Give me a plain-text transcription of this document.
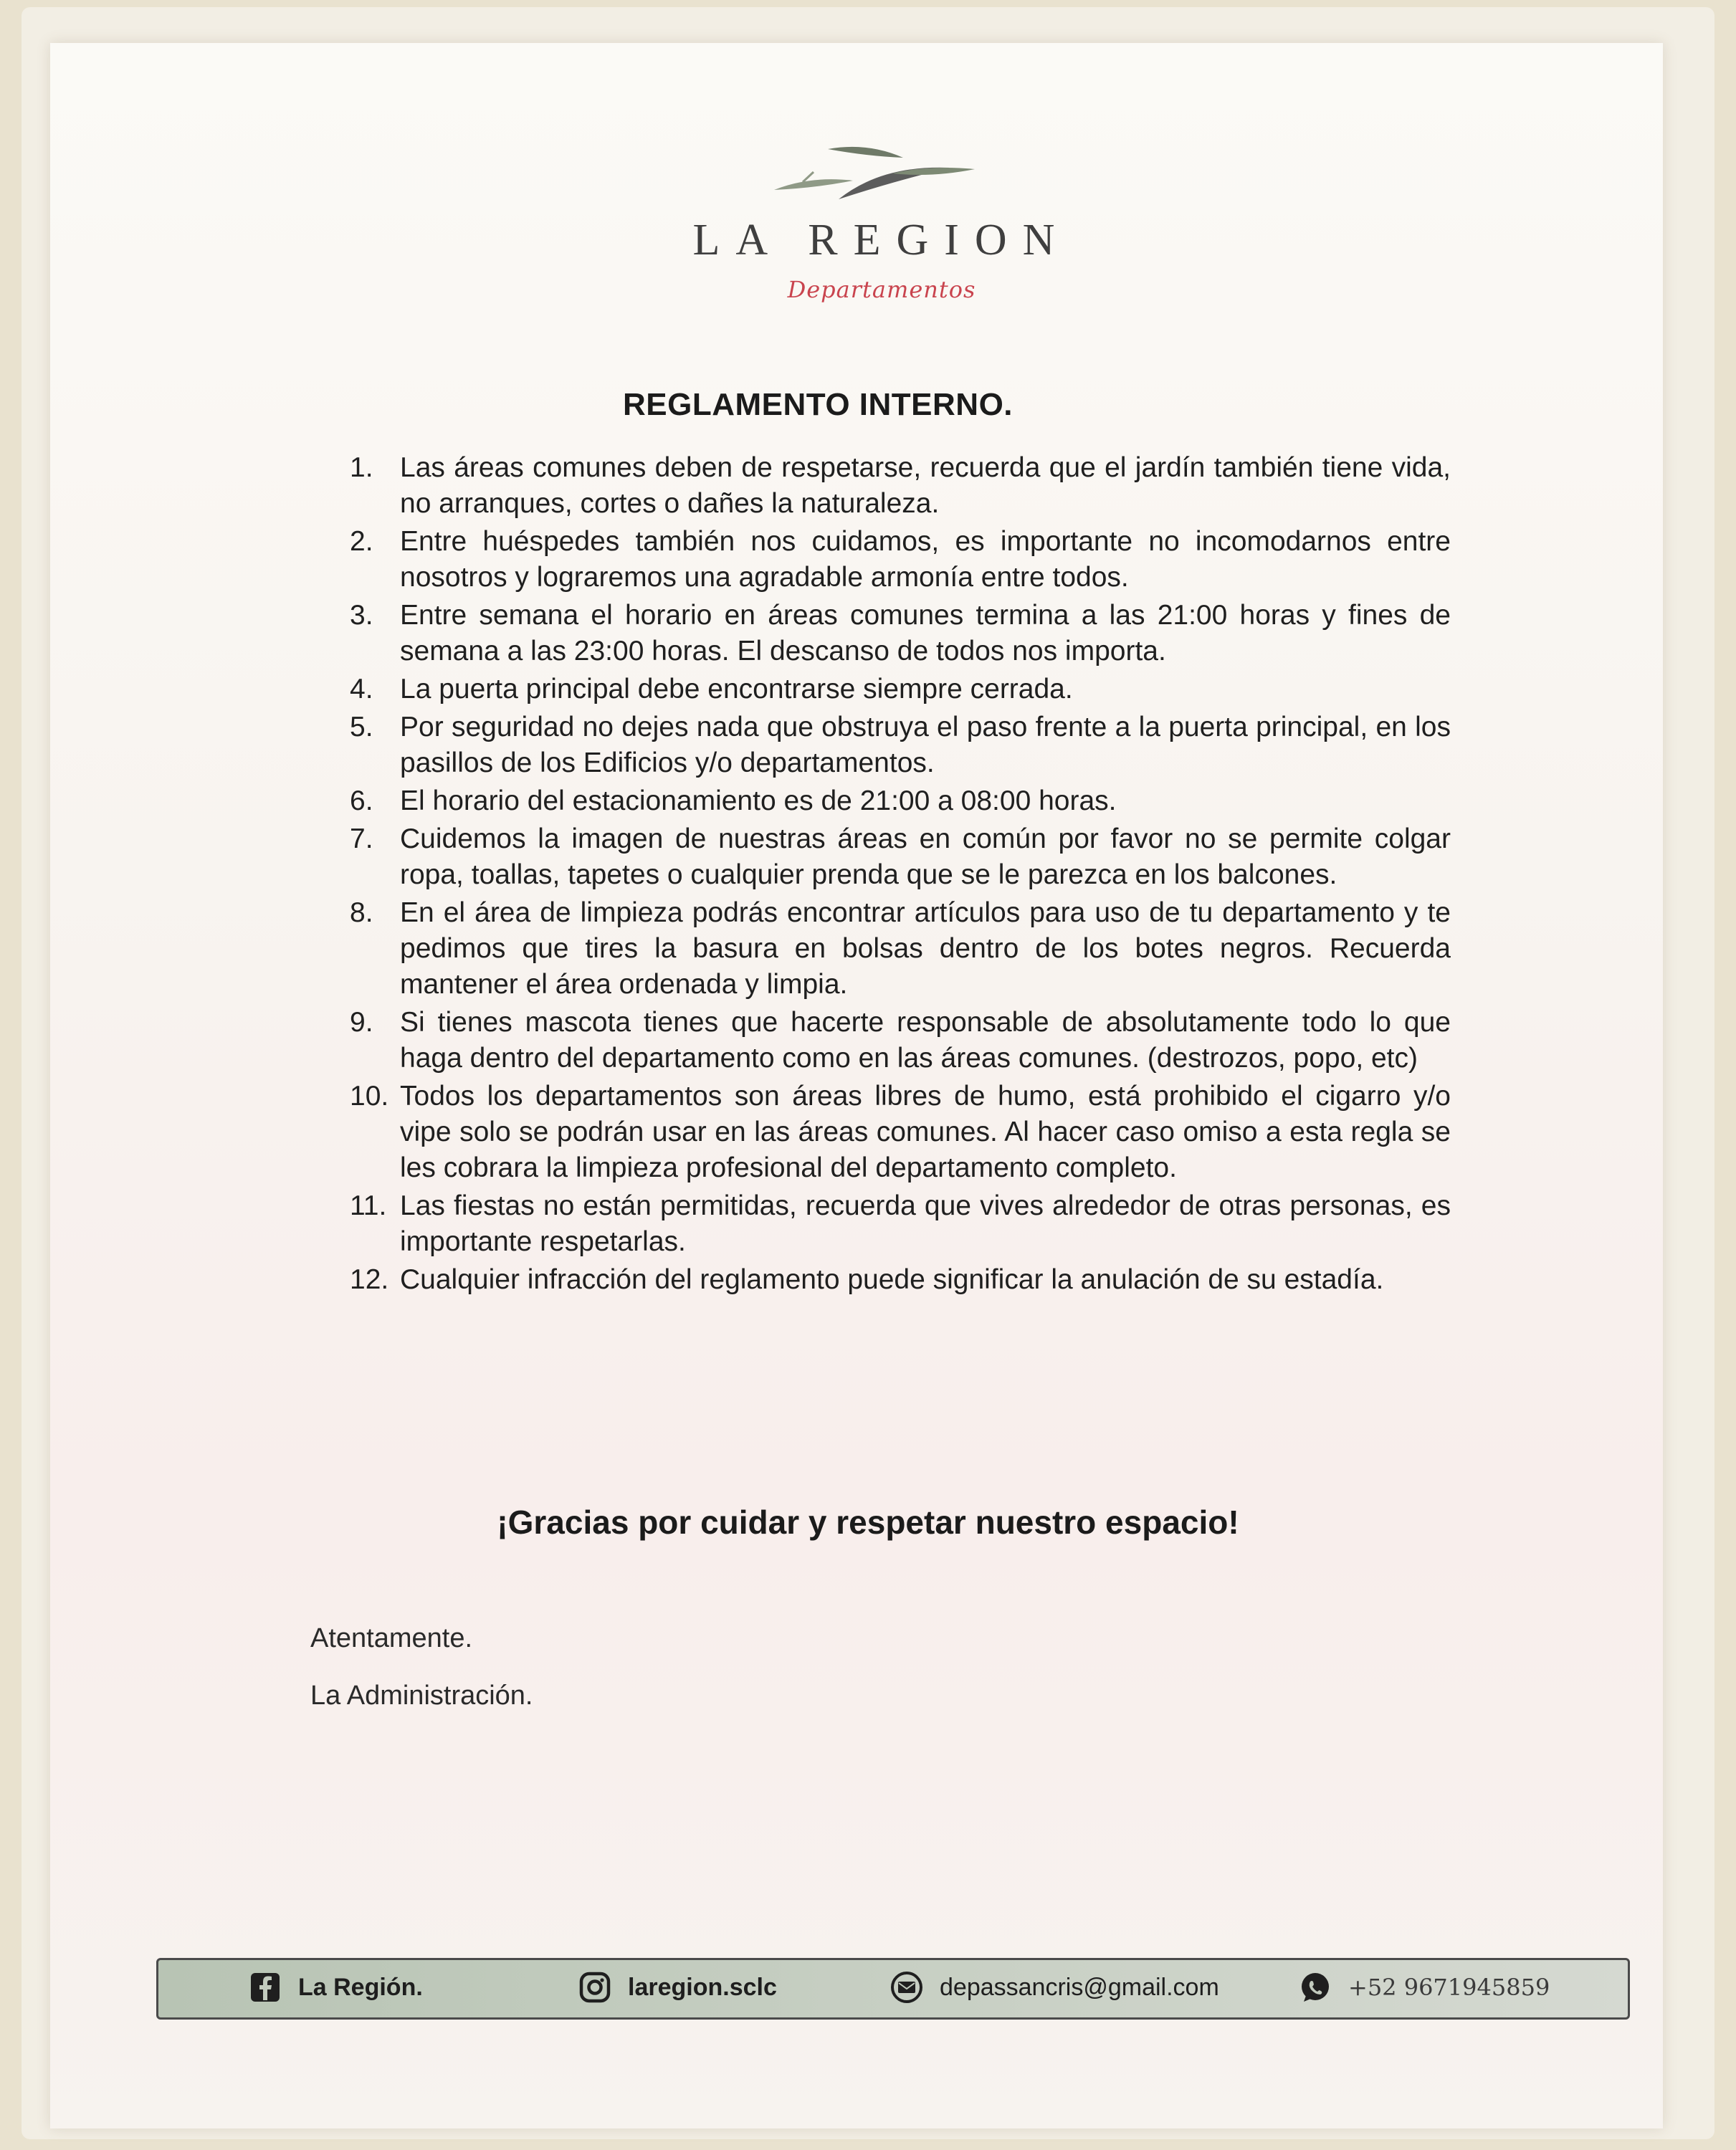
LA REGION
Departamentos
REGLAMENTO INTERNO.
1. Las áreas comunes deben de respetarse, recuerda que el jardín también tiene vida, no arranques, cortes o dañes la naturaleza.
2. Entre huéspedes también nos cuidamos, es importante no incomodarnos entre nosotros y lograremos una agradable armonía entre todos.
3. Entre semana el horario en áreas comunes termina a las 21:00 horas y fines de semana a las 23:00 horas. El descanso de todos nos importa.
4. La puerta principal debe encontrarse siempre cerrada.
5. Por seguridad no dejes nada que obstruya el paso frente a la puerta principal, en los pasillos de los Edificios y/o departamentos.
6. El horario del estacionamiento es de 21:00 a 08:00 horas.
7. Cuidemos la imagen de nuestras áreas en común por favor no se permite colgar ropa, toallas, tapetes o cualquier prenda que se le parezca en los balcones.
8. En el área de limpieza podrás encontrar artículos para uso de tu departamento y te pedimos que tires la basura en bolsas dentro de los botes negros. Recuerda mantener el área ordenada y limpia.
9. Si tienes mascota tienes que hacerte responsable de absolutamente todo lo que haga dentro del departamento como en las áreas comunes. (destrozos, popo, etc)
10. Todos los departamentos son áreas libres de humo, está prohibido el cigarro y/o vipe solo se podrán usar en las áreas comunes. Al hacer caso omiso a esta regla se les cobrara la limpieza profesional del departamento completo.
11. Las fiestas no están permitidas, recuerda que vives alrededor de otras personas, es importante respetarlas.
12. Cualquier infracción del reglamento puede significar la anulación de su estadía.
¡Gracias por cuidar y respetar nuestro espacio!
Atentamente.
La Administración.
La Región.	laregion.sclc	depassancris@gmail.com	+52 9671945859
